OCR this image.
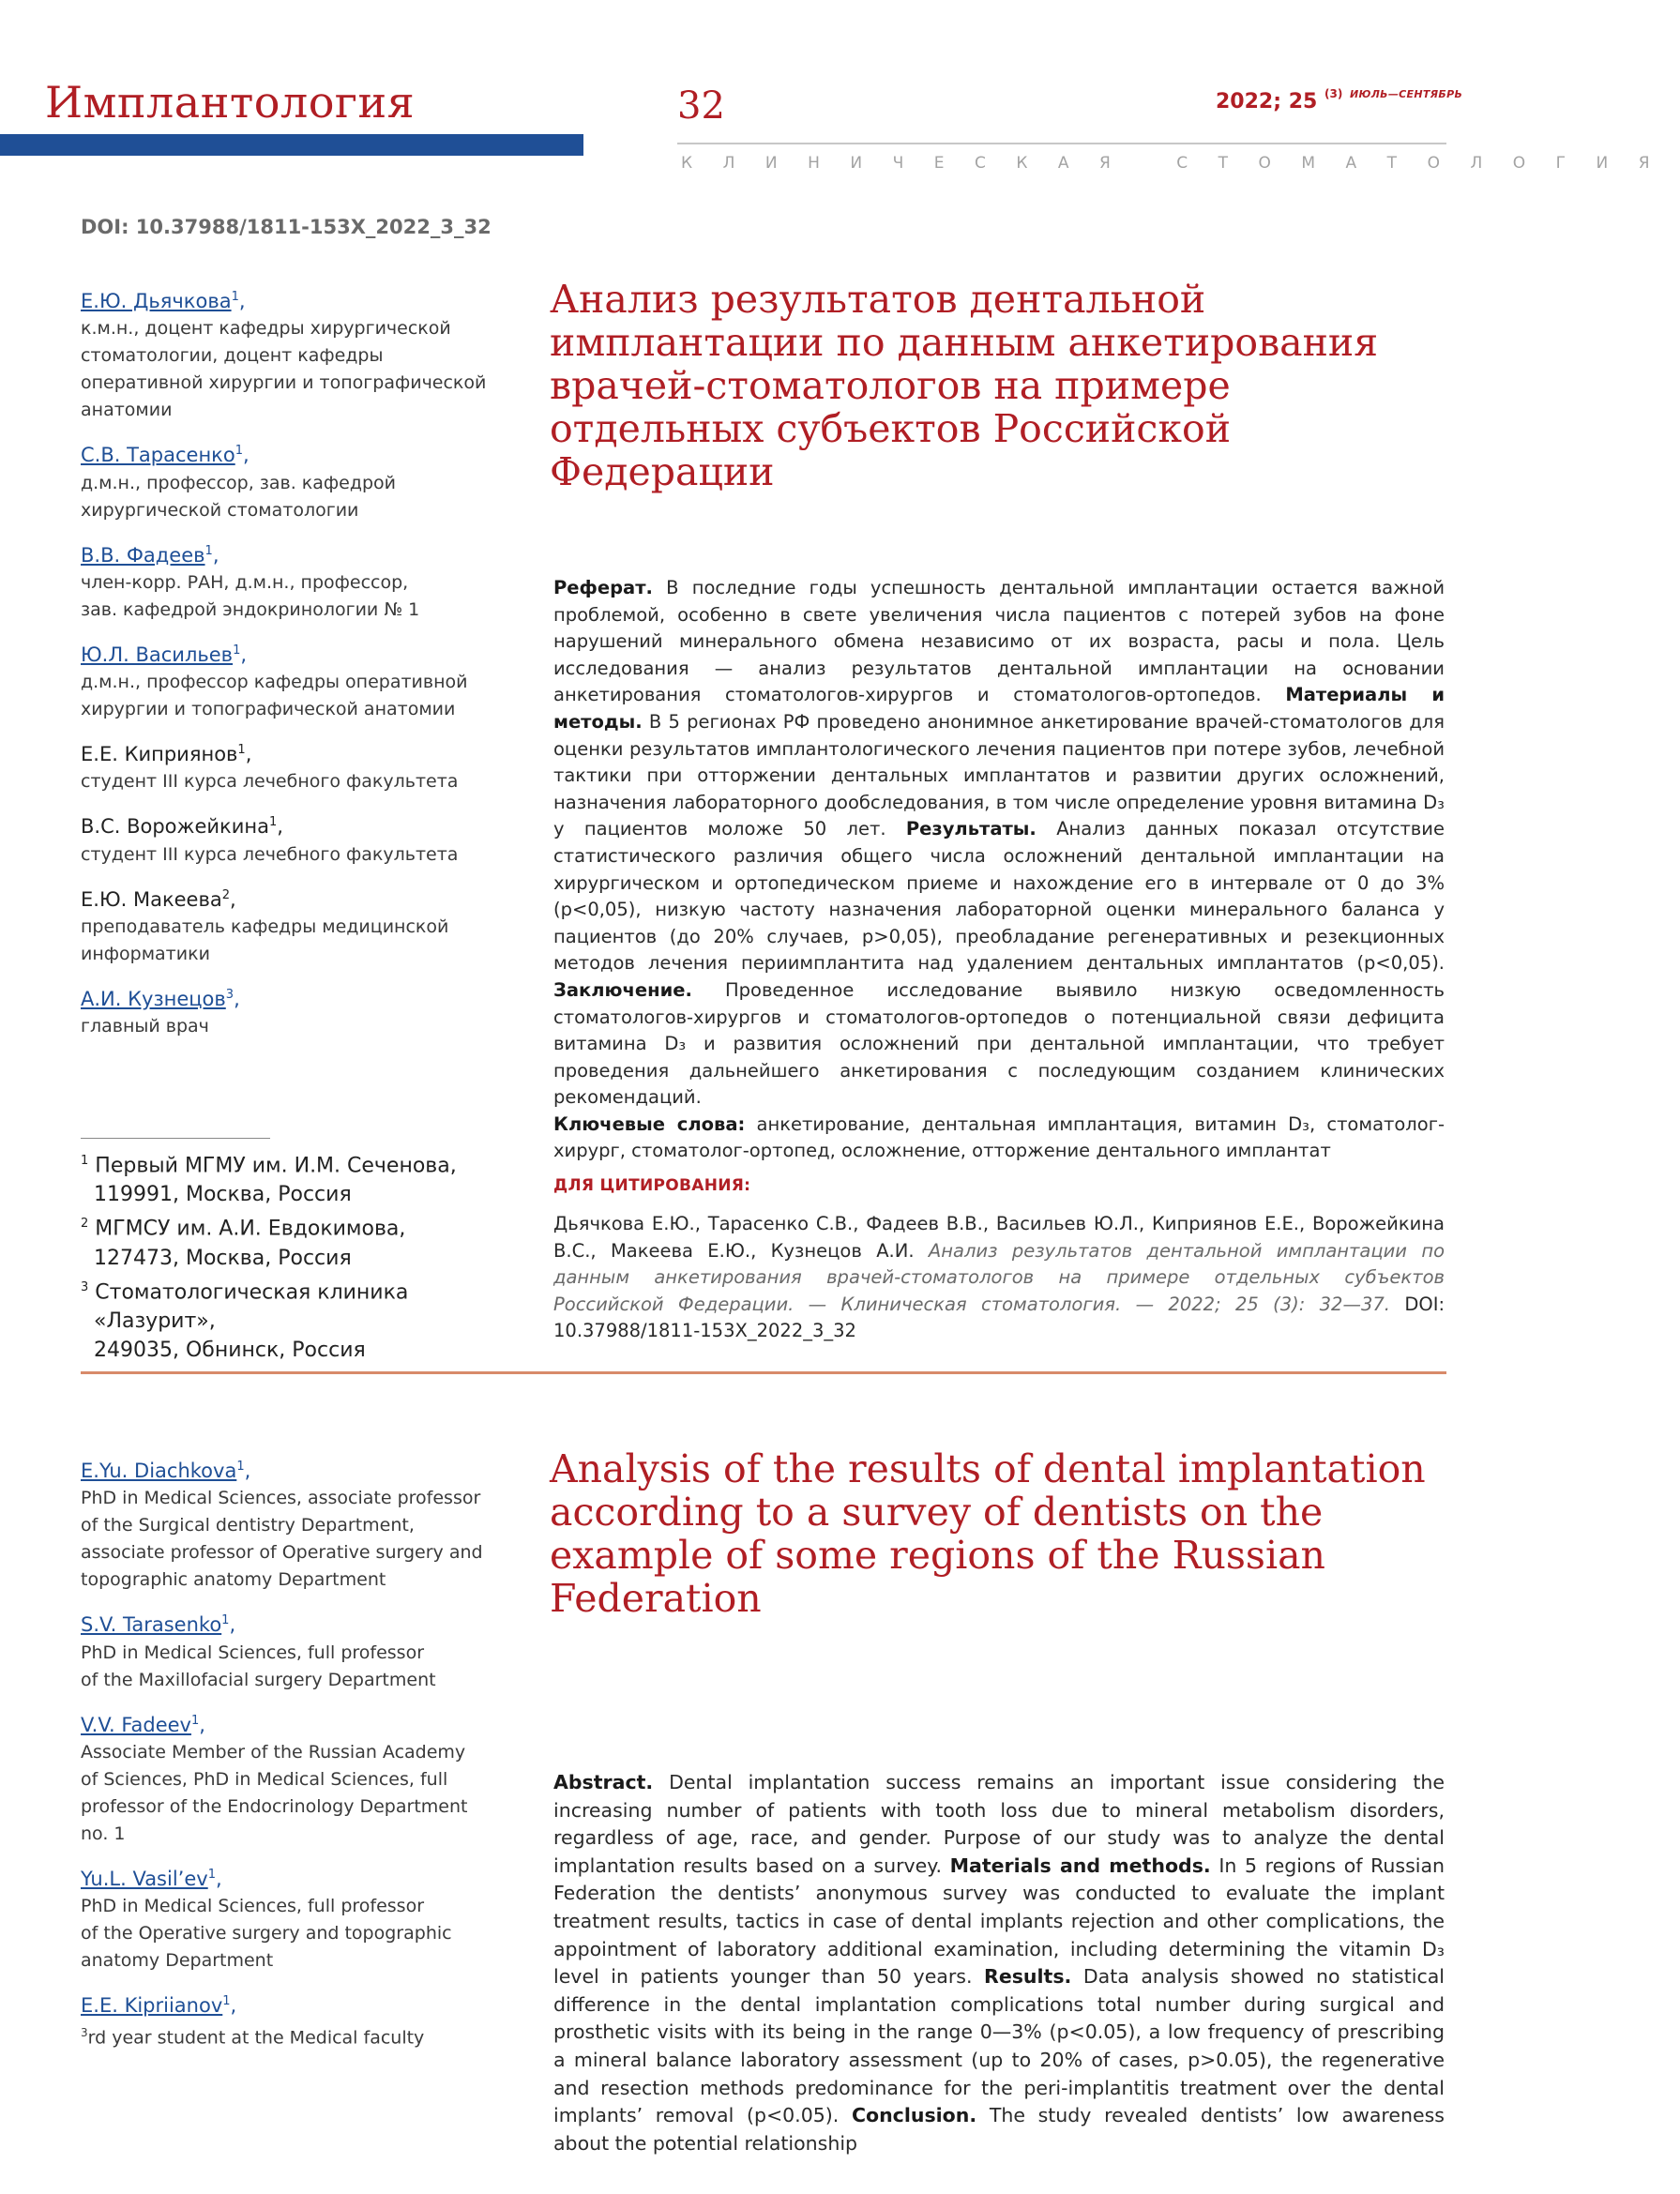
Имплантология	32	2022; 25 $^{(3)}$ $^{ИЮЛЬ—СЕНТЯБРЬ}$
КЛИНИЧЕСКАЯ СТОМАТОЛОГИЯ
DOI: 10.37988/1811-153X_2022_3_32
Е.Ю. Дьячкова$^1$,
к.м.н., доцент кафедры хирургической
стоматологии, доцент кафедры
оперативной хирургии и топографической
анатомии
С.В. Тарасенко$^1$,
д.м.н., профессор, зав. кафедрой
хирургической стоматологии
В.В. Фадеев$^1$,
член-корр. РАН, д.м.н., профессор,
зав. кафедрой эндокринологии № 1
Ю.Л. Васильев$^1$,
д.м.н., профессор кафедры оперативной
хирургии и топографической анатомии
Е.Е. Киприянов$^1$,
студент III курса лечебного факультета
В.С. Ворожейкина$^1$,
студент III курса лечебного факультета
Е.Ю. Макеева$^2$,
преподаватель кафедры медицинской
информатики
А.И. Кузнецов$^3$,
главный врач
$^1$ Первый МГМУ им. И.М. Сеченова,
119991, Москва, Россия
$^2$ МГМСУ им. А.И. Евдокимова,
127473, Москва, Россия
$^3$ Стоматологическая клиника «Лазурит»,
249035, Обнинск, Россия
Анализ результатов дентальной имплантации по данным анкетирования врачей-стоматологов на примере отдельных субъектов Российской Федерации
Реферат. В последние годы успешность дентальной имплантации остается важной проблемой, особенно в свете увеличения числа пациентов с потерей зубов на фоне нарушений минерального обмена независимо от их возраста, расы и пола. Цель исследования — анализ результатов дентальной имплантации на основании анкетирования стоматологов-хирургов и стоматологов-ортопедов. Материалы и методы. В 5 регионах РФ проведено анонимное анкетирование врачей-стоматологов для оценки результатов имплантологического лечения пациентов при потере зубов, лечебной тактики при отторжении дентальных имплантатов и развитии других осложнений, назначения лабораторного дообследования, в том числе определение уровня витамина D₃ у пациентов моложе 50 лет. Результаты. Анализ данных показал отсутствие статистического различия общего числа осложнений дентальной имплантации на хирургическом и ортопедическом приеме и нахождение его в интервале от 0 до 3% (p<0,05), низкую частоту назначения лабораторной оценки минерального баланса у пациентов (до 20% случаев, p>0,05), преобладание регенеративных и резекционных методов лечения периимплантита над удалением дентальных имплантатов (p<0,05). Заключение. Проведенное исследование выявило низкую осведомленность стоматологов-хирургов и стоматологов-ортопедов о потенциальной связи дефицита витамина D₃ и развития осложнений при дентальной имплантации, что требует проведения дальнейшего анкетирования с последующим созданием клинических рекомендаций.
Ключевые слова: анкетирование, дентальная имплантация, витамин D₃, стоматолог-хирург, стоматолог-ортопед, осложнение, отторжение дентального имплантат
ДЛЯ ЦИТИРОВАНИЯ:
Дьячкова Е.Ю., Тарасенко С.В., Фадеев В.В., Васильев Ю.Л., Киприянов Е.Е., Ворожейкина В.С., Макеева Е.Ю., Кузнецов А.И. Анализ результатов дентальной имплантации по данным анкетирования врачей-стоматологов на примере отдельных субъектов Российской Федерации. — Клиническая стоматология. — 2022; 25 (3): 32—37. DOI: 10.37988/1811-153X_2022_3_32
E.Yu. Diachkova$^1$,
PhD in Medical Sciences, associate professor
of the Surgical dentistry Department,
associate professor of Operative surgery and
topographic anatomy Department
S.V. Tarasenko$^1$,
PhD in Medical Sciences, full professor
of the Maxillofacial surgery Department
V.V. Fadeev$^1$,
Associate Member of the Russian Academy
of Sciences, PhD in Medical Sciences, full
professor of the Endocrinology Department
no. 1
Yu.L. $Vasil’ev^1$,
PhD in Medical Sciences, full professor
of the Operative surgery and topographic
anatomy Department
E.E. Kipriianov$^1$,
$^3$rd year student at the Medical faculty
Analysis of the results of dental implantation according to a survey of dentists on the example of some regions of the Russian Federation
Abstract. Dental implantation success remains an important issue considering the increasing number of patients with tooth loss due to mineral metabolism disorders, regardless of age, race, and gender. Purpose of our study was to analyze the dental implantation results based on a survey. Materials and methods. In 5 regions of Russian Federation the dentists’ anonymous survey was conducted to evaluate the implant treatment results, tactics in case of dental implants rejection and other complications, the appointment of laboratory additional examination, including determining the vitamin D₃ level in patients younger than 50 years. Results. Data analysis showed no statistical difference in the dental implantation complications total number during surgical and prosthetic visits with its being in the range 0—3% (p<0.05), a low frequency of prescribing a mineral balance laboratory assessment (up to 20% of cases, p>0.05), the regenerative and resection methods predominance for the peri-implantitis treatment over the dental implants’ removal (p<0.05). Conclusion. The study revealed dentists’ low awareness about the potential relationship
